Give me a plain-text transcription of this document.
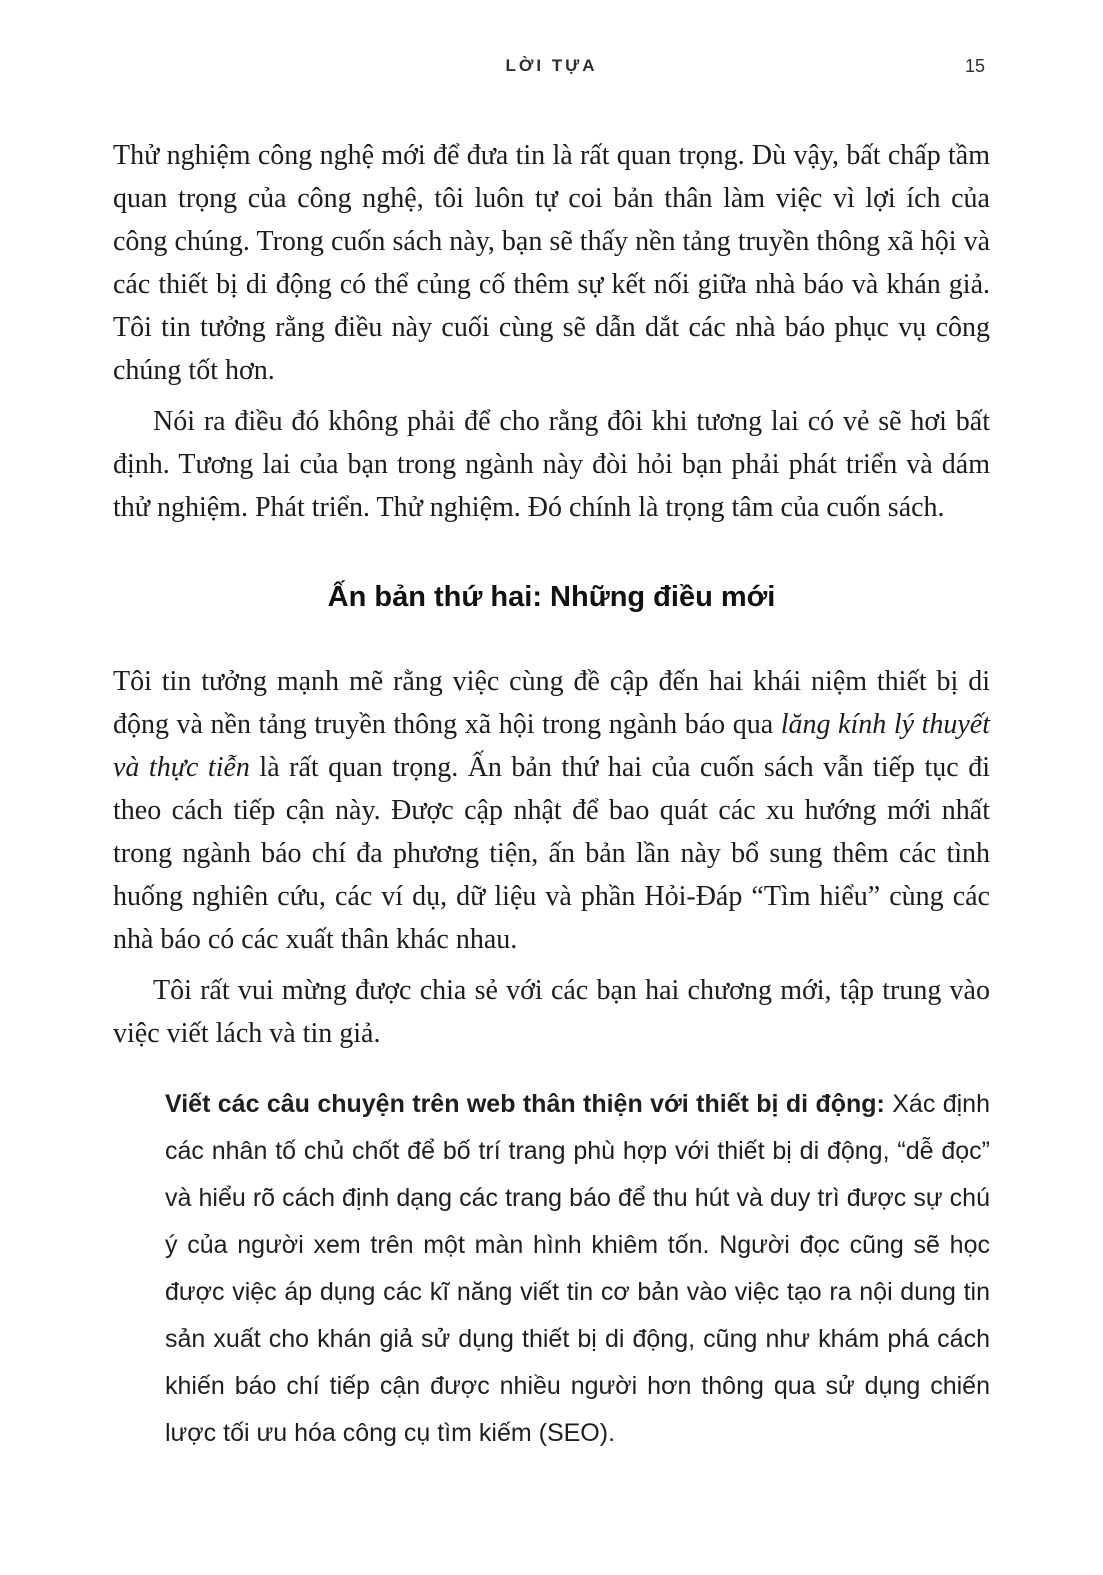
LỜI TỰA	15

Thử nghiệm công nghệ mới để đưa tin là rất quan trọng. Dù vậy, bất chấp tầm quan trọng của công nghệ, tôi luôn tự coi bản thân làm việc vì lợi ích của công chúng. Trong cuốn sách này, bạn sẽ thấy nền tảng truyền thông xã hội và các thiết bị di động có thể củng cố thêm sự kết nối giữa nhà báo và khán giả. Tôi tin tưởng rằng điều này cuối cùng sẽ dẫn dắt các nhà báo phục vụ công chúng tốt hơn.

Nói ra điều đó không phải để cho rằng đôi khi tương lai có vẻ sẽ hơi bất định. Tương lai của bạn trong ngành này đòi hỏi bạn phải phát triển và dám thử nghiệm. Phát triển. Thử nghiệm. Đó chính là trọng tâm của cuốn sách.

Ấn bản thứ hai: Những điều mới

Tôi tin tưởng mạnh mẽ rằng việc cùng đề cập đến hai khái niệm thiết bị di động và nền tảng truyền thông xã hội trong ngành báo qua lăng kính lý thuyết và thực tiễn là rất quan trọng. Ấn bản thứ hai của cuốn sách vẫn tiếp tục đi theo cách tiếp cận này. Được cập nhật để bao quát các xu hướng mới nhất trong ngành báo chí đa phương tiện, ấn bản lần này bổ sung thêm các tình huống nghiên cứu, các ví dụ, dữ liệu và phần Hỏi-Đáp “Tìm hiểu” cùng các nhà báo có các xuất thân khác nhau.

Tôi rất vui mừng được chia sẻ với các bạn hai chương mới, tập trung vào việc viết lách và tin giả.

Viết các câu chuyện trên web thân thiện với thiết bị di động: Xác định các nhân tố chủ chốt để bố trí trang phù hợp với thiết bị di động, “dễ đọc” và hiểu rõ cách định dạng các trang báo để thu hút và duy trì được sự chú ý của người xem trên một màn hình khiêm tốn. Người đọc cũng sẽ học được việc áp dụng các kĩ năng viết tin cơ bản vào việc tạo ra nội dung tin sản xuất cho khán giả sử dụng thiết bị di động, cũng như khám phá cách khiến báo chí tiếp cận được nhiều người hơn thông qua sử dụng chiến lược tối ưu hóa công cụ tìm kiếm (SEO).
